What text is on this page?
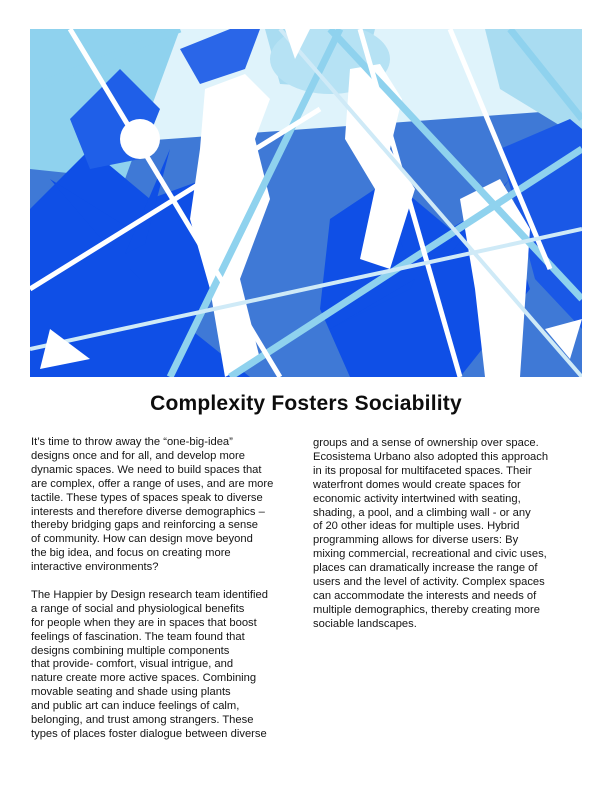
Complexity Fosters Sociability

It’s time to throw away the “one-big-idea”
designs once and for all, and develop more
dynamic spaces. We need to build spaces that
are complex, offer a range of uses, and are more
tactile. These types of spaces speak to diverse
interests and therefore diverse demographics –
thereby bridging gaps and reinforcing a sense
of community. How can design move beyond
the big idea, and focus on creating more
interactive environments?

The Happier by Design research team identified
a range of social and physiological benefits
for people when they are in spaces that boost
feelings of fascination. The team found that
designs combining multiple components
that provide- comfort, visual intrigue, and
nature create more active spaces. Combining
movable seating and shade using plants
and public art can induce feelings of calm,
belonging, and trust among strangers. These
types of places foster dialogue between diverse

groups and a sense of ownership over space.
Ecosistema Urbano also adopted this approach
in its proposal for multifaceted spaces. Their
waterfront domes would create spaces for
economic activity intertwined with seating,
shading, a pool, and a climbing wall - or any
of 20 other ideas for multiple uses. Hybrid
programming allows for diverse users: By
mixing commercial, recreational and civic uses,
places can dramatically increase the range of
users and the level of activity. Complex spaces
can accommodate the interests and needs of
multiple demographics, thereby creating more
sociable landscapes.
